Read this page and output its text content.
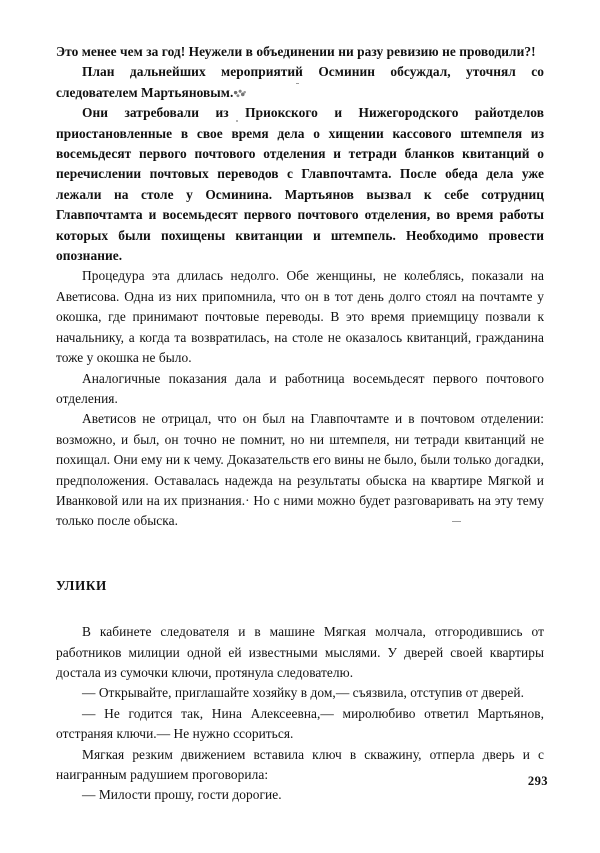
Это менее чем за год! Неужели в объединении ни разу ревизию не проводили?!

План дальнейших мероприятий Осминин обсуждал, уточнял со следователем Мартьяновым.

Они затребовали из Приокского и Нижегородского райотделов приостановленные в свое время дела о хищении кассового штемпеля из восемьдесят первого почтового отделения и тетради бланков квитанций о перечислении почтовых переводов с Главпочтамта. После обеда дела уже лежали на столе у Осминина. Мартьянов вызвал к себе сотрудниц Главпочтамта и восемьдесят первого почтового отделения, во время работы которых были похищены квитанции и штемпель. Необходимо провести опознание.

Процедура эта длилась недолго. Обе женщины, не колеблясь, показали на Аветисова. Одна из них припомнила, что он в тот день долго стоял на почтамте у окошка, где принимают почтовые переводы. В это время приемщицу позвали к начальнику, а когда та возвратилась, на столе не оказалось квитанций, гражданина тоже у окошка не было.

Аналогичные показания дала и работница восемьдесят первого почтового отделения.

Аветисов не отрицал, что он был на Главпочтамте и в почтовом отделении: возможно, и был, он точно не помнит, но ни штемпеля, ни тетради квитанций не похищал. Они ему ни к чему. Доказательств его вины не было, были только догадки, предположения. Оставалась надежда на результаты обыска на квартире Мягкой и Иванковой или на их признания.· Но с ними можно будет разговаривать на эту тему только после обыска.

УЛИКИ

В кабинете следователя и в машине Мягкая молчала, отгородившись от работников милиции одной ей известными мыслями. У дверей своей квартиры достала из сумочки ключи, протянула следователю.

— Открывайте, приглашайте хозяйку в дом,— съязвила, отступив от дверей.

— Не годится так, Нина Алексеевна,— миролюбиво ответил Мартьянов, отстраняя ключи.— Не нужно ссориться.

Мягкая резким движением вставила ключ в скважину, отперла дверь и с наигранным радушием проговорила:

— Милости прошу, гости дорогие.

293
